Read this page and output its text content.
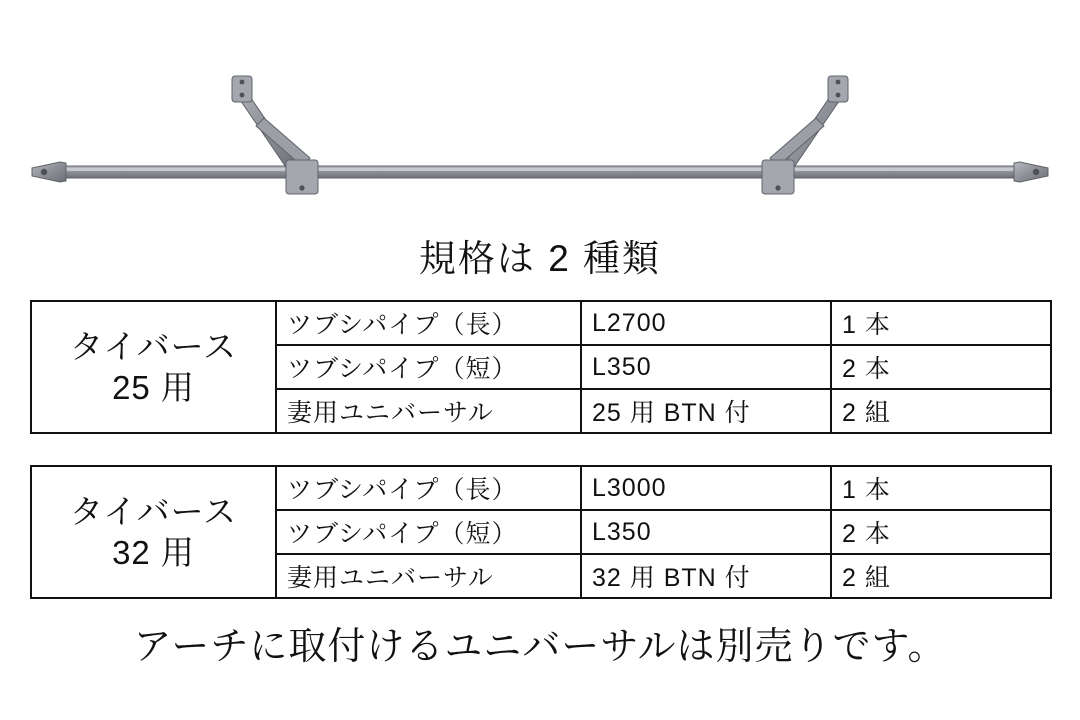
規格は 2 種類
タイバース
25 用	ツブシパイプ（長）	L2700	1 本
	ツブシパイプ（短）	L350	2 本
	妻用ユニバーサル	25 用 BTN 付	2 組
タイバース
32 用	ツブシパイプ（長）	L3000	1 本
	ツブシパイプ（短）	L350	2 本
	妻用ユニバーサル	32 用 BTN 付	2 組
アーチに取付けるユニバーサルは別売りです。
